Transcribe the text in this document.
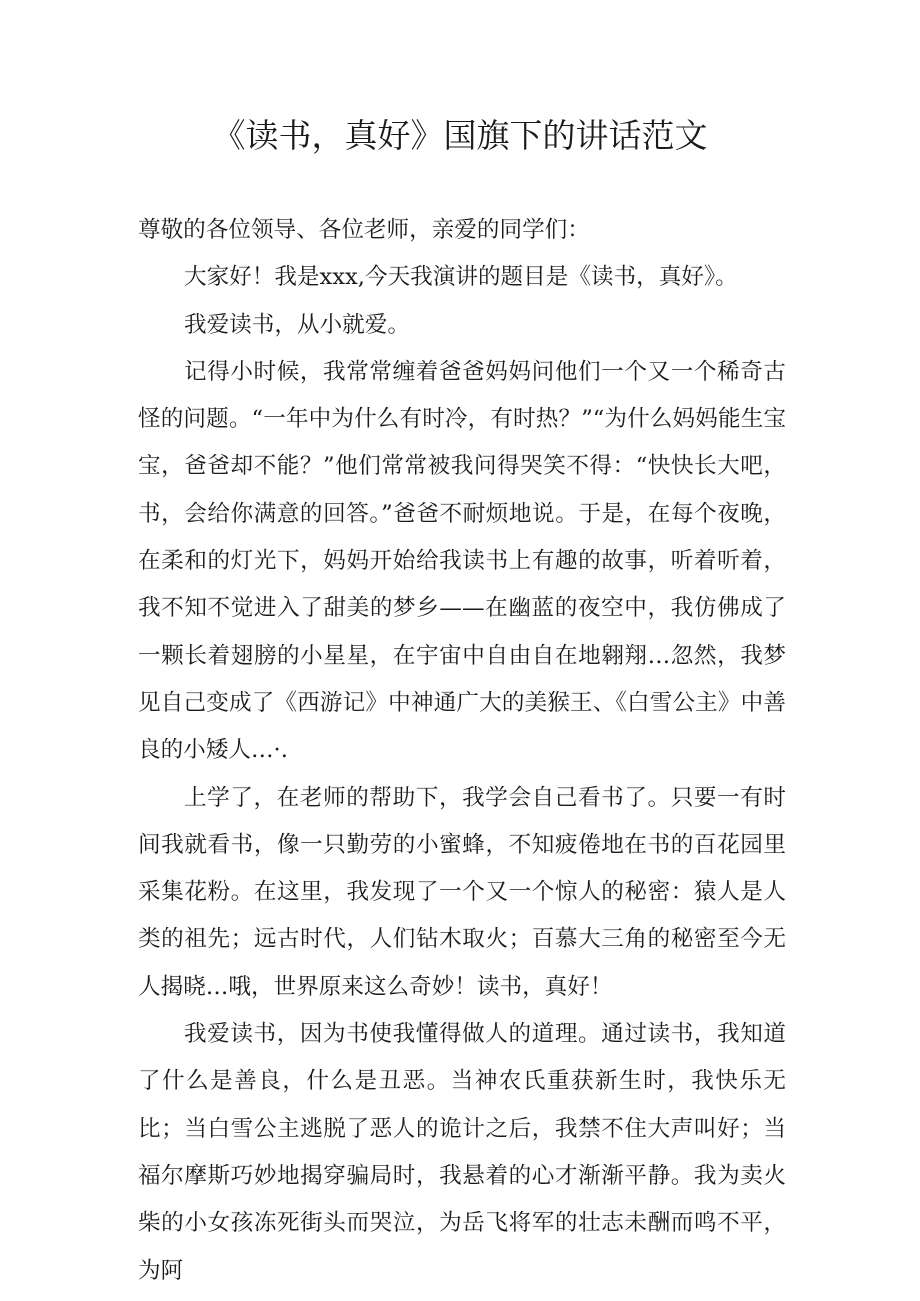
《读书，真好》国旗下的讲话范文

尊敬的各位领导、各位老师，亲爱的同学们：

大家好！我是xxx,今天我演讲的题目是《读书，真好》。

我爱读书，从小就爱。

记得小时候，我常常缠着爸爸妈妈问他们一个又一个稀奇古怪的问题。“一年中为什么有时冷，有时热？”“为什么妈妈能生宝宝，爸爸却不能？”他们常常被我问得哭笑不得：“快快长大吧，书，会给你满意的回答。”爸爸不耐烦地说。于是，在每个夜晚，在柔和的灯光下，妈妈开始给我读书上有趣的故事，听着听着，我不知不觉进入了甜美的梦乡——在幽蓝的夜空中，我仿佛成了一颗长着翅膀的小星星，在宇宙中自由自在地翱翔…忽然，我梦见自己变成了《西游记》中神通广大的美猴王、《白雪公主》中善良的小矮人…·.

上学了，在老师的帮助下，我学会自己看书了。只要一有时间我就看书，像一只勤劳的小蜜蜂，不知疲倦地在书的百花园里采集花粉。在这里，我发现了一个又一个惊人的秘密：猿人是人类的祖先；远古时代，人们钻木取火；百慕大三角的秘密至今无人揭晓…哦，世界原来这么奇妙！读书，真好！

我爱读书，因为书使我懂得做人的道理。通过读书，我知道了什么是善良，什么是丑恶。当神农氏重获新生时，我快乐无比；当白雪公主逃脱了恶人的诡计之后，我禁不住大声叫好；当福尔摩斯巧妙地揭穿骗局时，我悬着的心才渐渐平静。我为卖火柴的小女孩冻死街头而哭泣，为岳飞将军的壮志未酬而鸣不平，为阿
